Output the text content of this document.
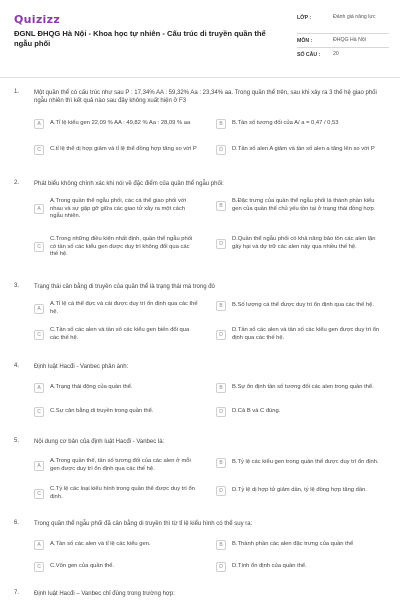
Quizizz
ĐGNL ĐHQG Hà Nội - Khoa học tự nhiên - Cấu trúc di truyền quần thể ngẫu phối
LỚP :	Đánh giá năng lực
MÔN :	ĐHQG Hà Nội
SỐ CÂU :	20
1. Một quần thể có cấu trúc như sau P : 17,34% AA : 59,32% Aa : 23,34% aa. Trong quần thể trên, sau khi xảy ra 3 thế hệ giao phối ngẫu nhiên thì kết quả nào sau đây không xuất hiện ở F3
A	A.Tỉ lệ kiểu gen 22,09 % AA : 49,82 % Aa : 28,09 % aa	B	B.Tần số tương đối của A/ a = 0,47 / 0,53
C	C.tỉ lệ thể dị hợp giảm và tỉ lệ thể đồng hợp tăng so với P	D	D.Tần số alen A giảm và tần số alen a tăng lên so với P
2. Phát biểu không chính xác khi nói về đặc điểm của quần thể ngẫu phối:
A
A.Trong quần thể ngẫu phối, các cá thể giao phối với nhau và sự gặp gỡ giữa các giao tử xảy ra một cách ngẫu nhiên.
B
B.Đặc trưng của quần thể ngẫu phối là thành phần kiểu gen của quần thể chủ yếu tồn tại ở trạng thái đồng hợp.
C
C.Trong những điều kiện nhất định, quần thể ngẫu phối có tần số các kiểu gen được duy trì không đổi qua các thế hệ.
D
D.Quần thể ngẫu phối có khả năng bảo tồn các alen lặn gây hại và dự trữ các alen này qua nhiều thế hệ.
3. Trạng thái cân bằng di truyền của quần thể là trạng thái mà trong đó
A
A.Tỉ lệ cá thể đực và cái được duy trì ổn định qua các thế hệ.
B	B.Số lượng cá thể được duy trì ổn định qua các thế hệ.
C
C.Tần số các alen và tần số các kiểu gen biến đổi qua các thế hệ.	D
D.Tần số các alen và tần số các kiểu gen được duy trì ổn định qua các thế hệ.
4. Định luật Hacđi - Vanbec phản ánh:
A	A.Trạng thái động của quần thể.	B	B.Sự ổn định tần số tương đối các alen trong quần thể.
C	C.Sự cân bằng di truyền trong quần thể.	D	D.Cả B và C đúng.
5. Nội dung cơ bản của định luật Hacđi - Vanbec là:
A
A.Trong quần thể, tần số tương đối của các alen ở mỗi gen được duy trì ổn định qua các thế hệ.
B	B.Tỷ lệ các kiểu gen trong quần thể được duy trì ổn định.
C
C.Tỷ lệ các loại kiểu hình trong quần thể được duy trì ổn định.
D	D.Tỷ lệ dị hợp tử giảm dần, tỷ lệ đồng hợp tăng dần.
6. Trong quần thể ngẫu phối đã cân bằng di truyền thì từ tỉ lệ kiểu hình có thể suy ra:
A	A.Tần số các alen và tỉ lệ các kiểu gen.	B	B.Thành phần các alen đặc trưng của quần thể
C	C.Vốn gen của quần thể.	D	D.Tính ổn định của quần thể.
7. Định luật Hacđi – Vanbec chỉ đúng trong trường hợp:
